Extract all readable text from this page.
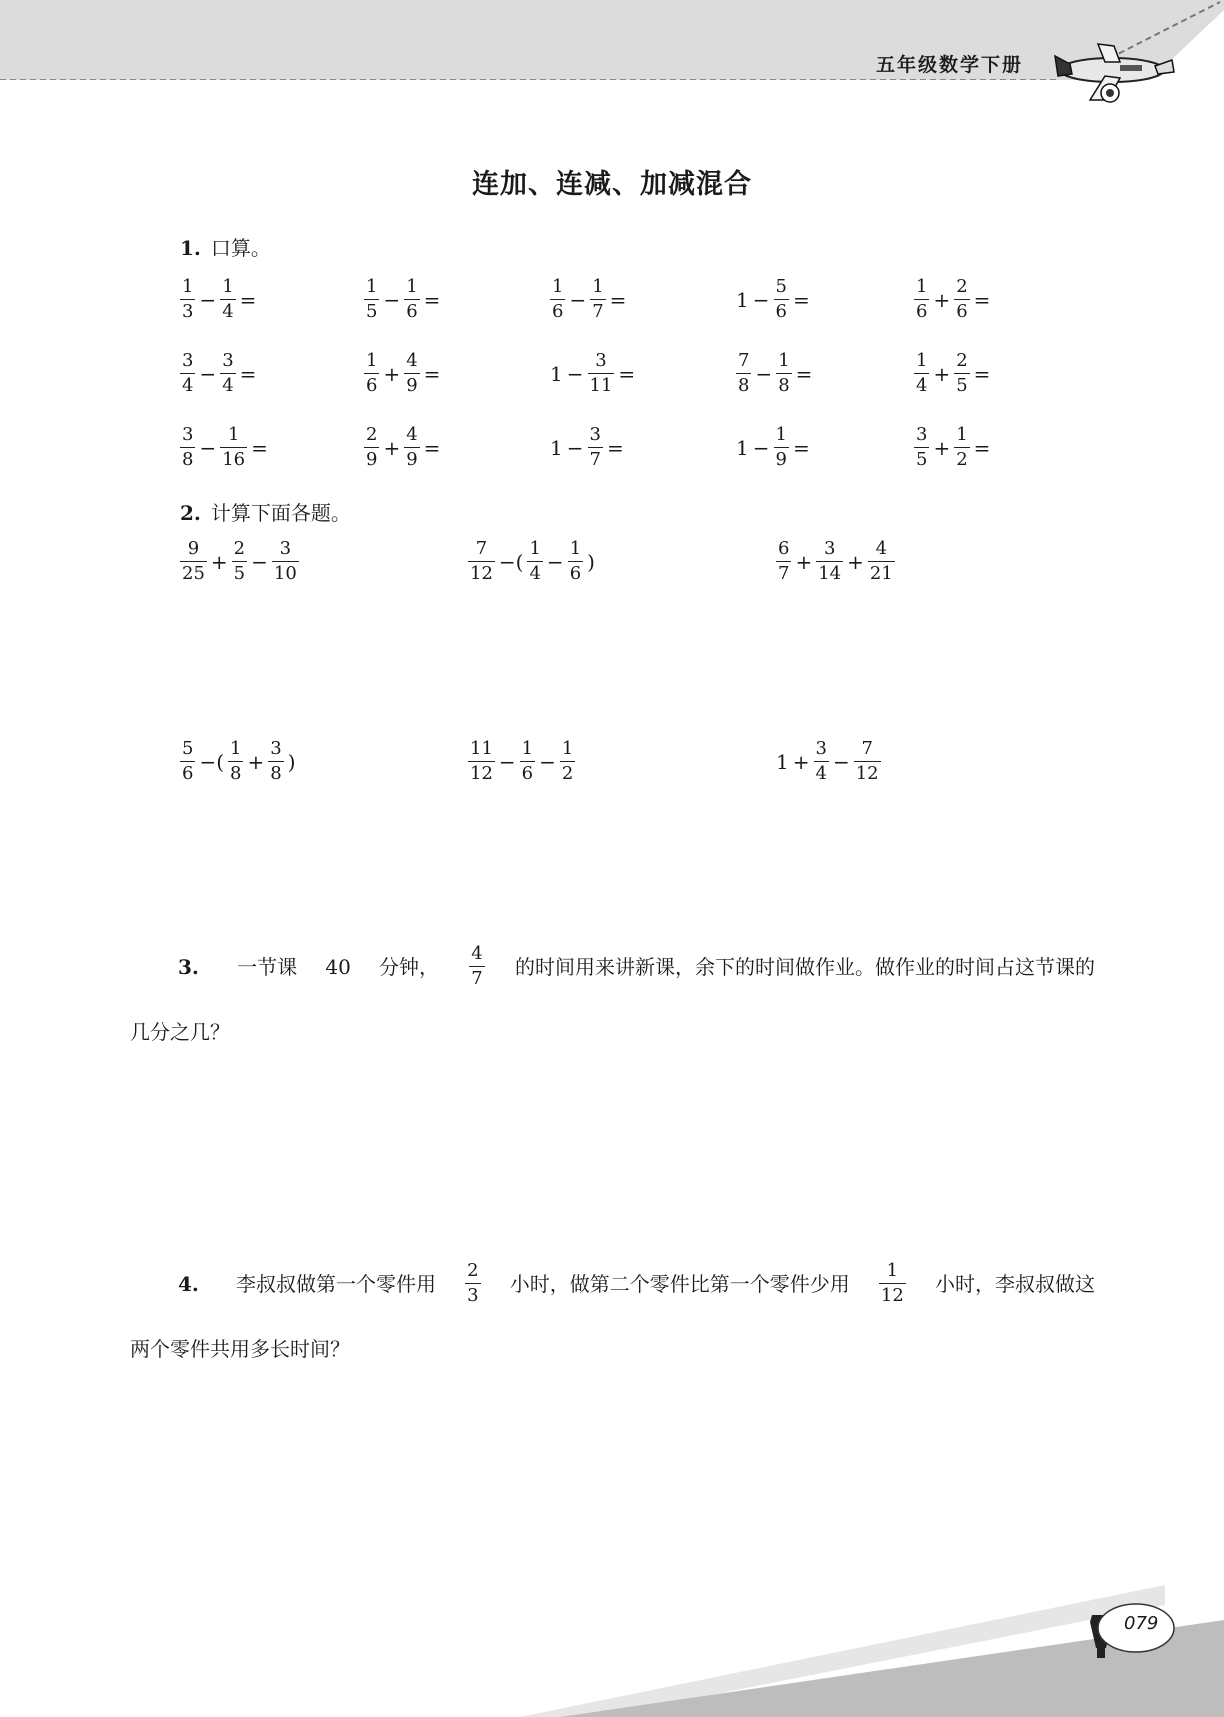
五年级数学下册
连加、连减、加减混合
1. 口算。
$\frac{1}{3} - \frac{1}{4}$ =	$\frac{1}{5} - \frac{1}{6}$ =	$\frac{1}{6} - \frac{1}{7}$ =	$1 - \frac{5}{6}$ =	$\frac{1}{6} + \frac{2}{6}$ =
$\frac{3}{4} - \frac{3}{4}$ =	$\frac{1}{6} + \frac{4}{9}$ =	$1 - \frac{3}{11}$ =	$\frac{7}{8} - \frac{1}{8}$ =	$\frac{1}{4} + \frac{2}{5}$ =
$\frac{3}{8} - \frac{1}{16}$ =	$\frac{2}{9} + \frac{4}{9}$ =	$1 - \frac{3}{7}$ =	$1 - \frac{1}{9}$ =	$\frac{3}{5} + \frac{1}{2}$ =
2. 计算下面各题。
$\frac{9}{25} + \frac{2}{5} - \frac{3}{10}$	$\frac{7}{12}$ −( $\frac{1}{4} - \frac{1}{6}$ )	$\frac{6}{7} + \frac{3}{14} + \frac{4}{21}$
$\frac{5}{6}$ −( $\frac{1}{8} + \frac{3}{8}$ )	$\frac{11}{12} - \frac{1}{6} - \frac{1}{2}$	$1 + \frac{3}{4} - \frac{7}{12}$
3. 一节课 40 分钟， $\frac{4}{7}$ 的时间用来讲新课，余下的时间做作业。做作业的时间占这节课的
几分之几？
4. 李叔叔做第一个零件用 $\frac{2}{3}$ 小时，做第二个零件比第一个零件少用 $\frac{1}{12}$ 小时，李叔叔做这
两个零件共用多长时间？
079
